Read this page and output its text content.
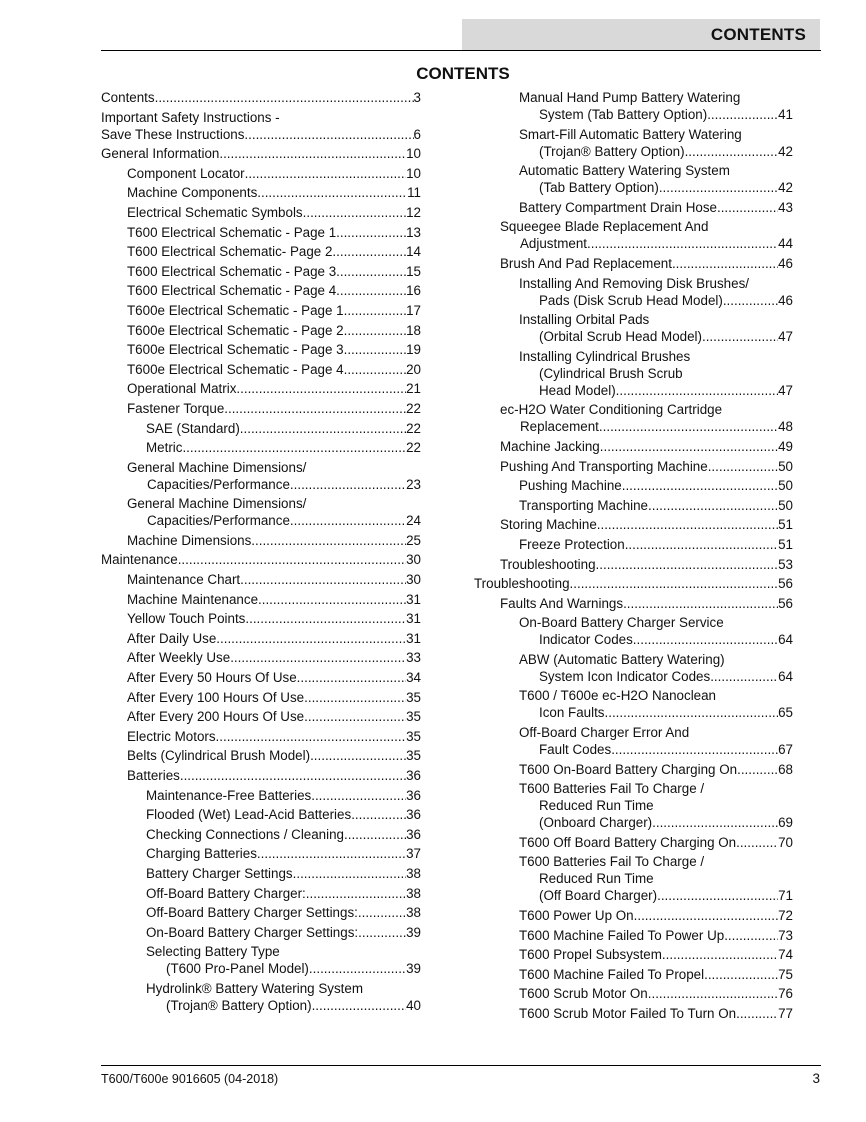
CONTENTS
CONTENTS
Contents .....	3
Important Safety Instructions -
Save These Instructions .....	6
General Information .....	10
Component Locator .....	10
Machine Components .....	11
Electrical Schematic Symbols .....	12
T600 Electrical Schematic - Page 1 .....	13
T600 Electrical Schematic- Page 2 .....	14
T600 Electrical Schematic - Page 3 .....	15
T600 Electrical Schematic - Page 4 .....	16
T600e Electrical Schematic - Page 1 .....	17
T600e Electrical Schematic - Page 2 .....	18
T600e Electrical Schematic - Page 3 .....	19
T600e Electrical Schematic - Page 4 .....	20
Operational Matrix .....	21
Fastener Torque .....	22
SAE (Standard) .....	22
Metric .....	22
General Machine Dimensions/
Capacities/Performance .....	23
General Machine Dimensions/
Capacities/Performance .....	24
Machine Dimensions .....	25
Maintenance .....	30
Maintenance Chart .....	30
Machine Maintenance .....	31
Yellow Touch Points .....	31
After Daily Use .....	31
After Weekly Use .....	33
After Every 50 Hours Of Use .....	34
After Every 100 Hours Of Use .....	35
After Every 200 Hours Of Use .....	35
Electric Motors .....	35
Belts (Cylindrical Brush Model) .....	35
Batteries .....	36
Maintenance-Free Batteries .....	36
Flooded (Wet) Lead-Acid Batteries .....	36
Checking Connections / Cleaning .....	36
Charging Batteries .....	37
Battery Charger Settings .....	38
Off-Board Battery Charger: .....	38
Off-Board Battery Charger Settings: .....	38
On-Board Battery Charger Settings: .....	39
Selecting Battery Type
(T600 Pro-Panel Model) .....	39
Hydrolink® Battery Watering System
(Trojan® Battery Option) .....	40
Manual Hand Pump Battery Watering
System (Tab Battery Option) .....	41
Smart-Fill Automatic Battery Watering
(Trojan® Battery Option) .....	42
Automatic Battery Watering System
(Tab Battery Option) .....	42
Battery Compartment Drain Hose .....	43
Squeegee Blade Replacement And
Adjustment .....	44
Brush And Pad Replacement .....	46
Installing And Removing Disk Brushes/
Pads (Disk Scrub Head Model) .....	46
Installing Orbital Pads
(Orbital Scrub Head Model) .....	47
Installing Cylindrical Brushes
(Cylindrical Brush Scrub
Head Model) .....	47
ec-H2O Water Conditioning Cartridge
Replacement .....	48
Machine Jacking .....	49
Pushing And Transporting Machine .....	50
Pushing Machine .....	50
Transporting Machine .....	50
Storing Machine .....	51
Freeze Protection .....	51
Troubleshooting .....	53
Troubleshooting .....	56
Faults And Warnings .....	56
On-Board Battery Charger Service
Indicator Codes .....	64
ABW (Automatic Battery Watering)
System Icon Indicator Codes .....	64
T600 / T600e ec-H2O Nanoclean
Icon Faults .....	65
Off-Board Charger Error And
Fault Codes .....	67
T600 On-Board Battery Charging On .....	68
T600 Batteries Fail To Charge /
Reduced Run Time
(Onboard Charger) .....	69
T600 Off Board Battery Charging On .....	70
T600 Batteries Fail To Charge /
Reduced Run Time
(Off Board Charger) .....	71
T600 Power Up On .....	72
T600 Machine Failed To Power Up .....	73
T600 Propel Subsystem .....	74
T600 Machine Failed To Propel .....	75
T600 Scrub Motor On .....	76
T600 Scrub Motor Failed To Turn On .....	77
T600/T600e 9016605 (04-2018)	3
